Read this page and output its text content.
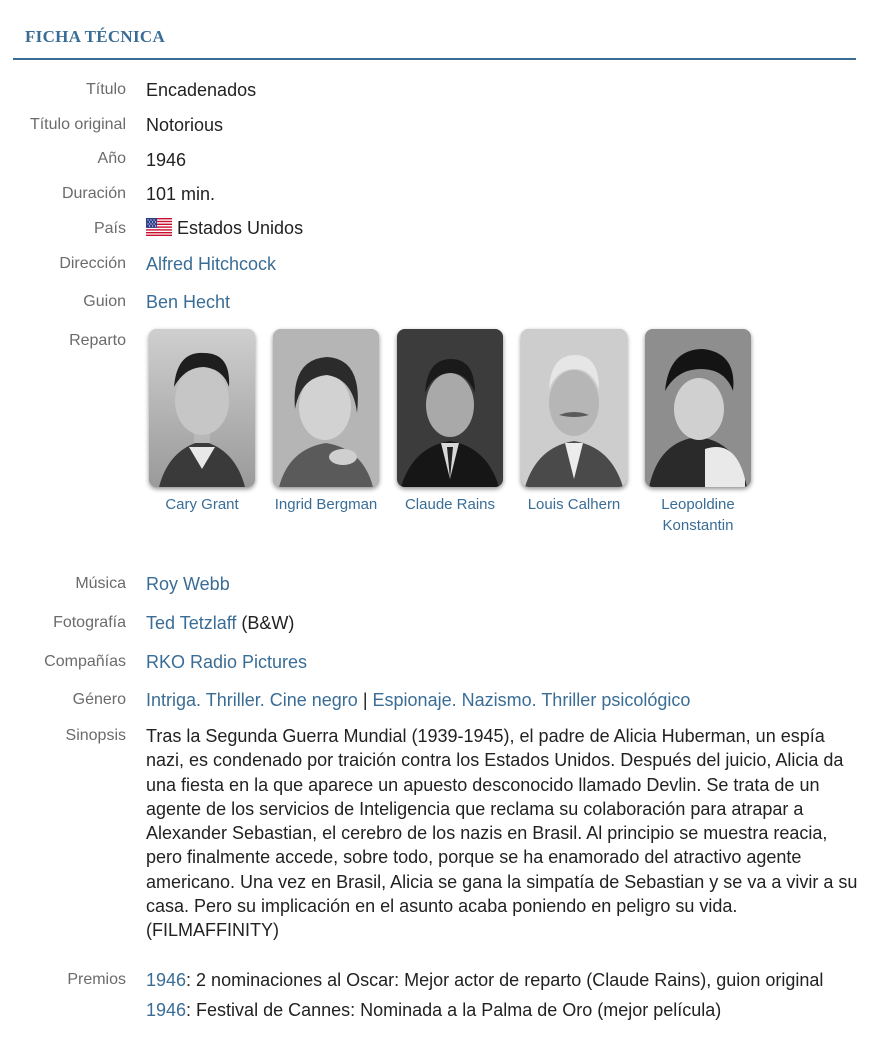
FICHA TÉCNICA
Título Encadenados
Título original Notorious
Año 1946
Duración 101 min.
País	Estados Unidos
Dirección Alfred Hitchcock
Guion Ben Hecht
Reparto
Cary Grant	Ingrid Bergman	Claude Rains	Louis Calhern	Leopoldine Konstantin
Música Roy Webb
Fotografía Ted Tetzlaff (B&W)
Compañías RKO Radio Pictures
Género Intriga. Thriller. Cine negro | Espionaje. Nazismo. Thriller psicológico
Sinopsis Tras la Segunda Guerra Mundial (1939-1945), el padre de Alicia Huberman, un espía nazi, es condenado por traición contra los Estados Unidos. Después del juicio, Alicia da una fiesta en la que aparece un apuesto desconocido llamado Devlin. Se trata de un agente de los servicios de Inteligencia que reclama su colaboración para atrapar a Alexander Sebastian, el cerebro de los nazis en Brasil. Al principio se muestra reacia, pero finalmente accede, sobre todo, porque se ha enamorado del atractivo agente americano. Una vez en Brasil, Alicia se gana la simpatía de Sebastian y se va a vivir a su casa. Pero su implicación en el asunto acaba poniendo en peligro su vida. (FILMAFFINITY)
Premios 1946: 2 nominaciones al Oscar: Mejor actor de reparto (Claude Rains), guion original
1946: Festival de Cannes: Nominada a la Palma de Oro (mejor película)
